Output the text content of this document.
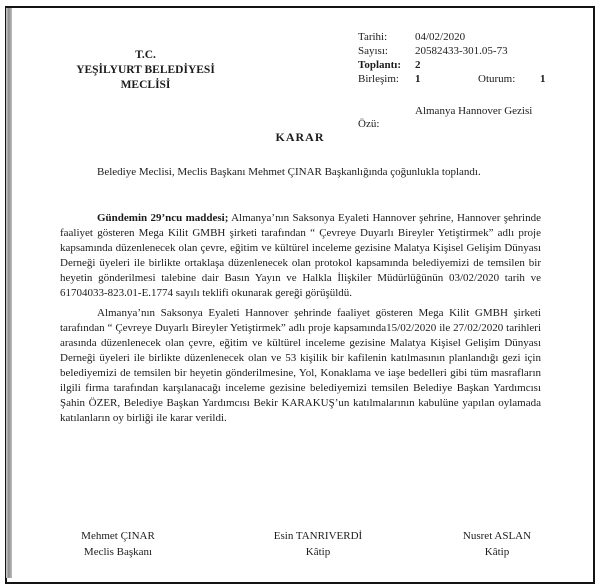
T.C.
YEŞİLYURT BELEDİYESİ
MECLİSİ
Tarihi:	04/02/2020
Sayısı:	20582433-301.05-73
Toplantı:	2
Birleşim:	1	Oturum:	1
Almanya Hannover Gezisi
Özü:
KARAR

Belediye Meclisi, Meclis Başkanı Mehmet ÇINAR Başkanlığında çoğunlukla toplandı.

Gündemin 29’ncu maddesi; Almanya’nın Saksonya Eyaleti Hannover şehrine, Hannover şehrinde faaliyet gösteren Mega Kilit GMBH şirketi tarafından “ Çevreye Duyarlı Bireyler Yetiştirmek” adlı proje kapsamında düzenlenecek olan çevre, eğitim ve kültürel inceleme gezisine Malatya Kişisel Gelişim Dünyası Derneği üyeleri ile birlikte ortaklaşa düzenlenecek olan protokol kapsamında belediyemizi de temsilen bir heyetin gönderilmesi talebine dair Basın Yayın ve Halkla İlişkiler Müdürlüğünün 03/02/2020 tarih ve 61704033-823.01-E.1774 sayılı teklifi okunarak gereği görüşüldü.

Almanya’nın Saksonya Eyaleti Hannover şehrinde faaliyet gösteren Mega Kilit GMBH şirketi tarafından “ Çevreye Duyarlı Bireyler Yetiştirmek” adlı proje kapsamında15/02/2020 ile 27/02/2020 tarihleri arasında düzenlenecek olan çevre, eğitim ve kültürel inceleme gezisine Malatya Kişisel Gelişim Dünyası Derneği üyeleri ile birlikte düzenlenecek olan ve 53 kişilik bir kafilenin katılmasının planlandığı gezi için belediyemizi de temsilen bir heyetin gönderilmesine, Yol, Konaklama ve iaşe bedelleri gibi tüm masrafların ilgili firma tarafından karşılanacağı inceleme gezisine belediyemizi temsilen Belediye Başkan Yardımcısı Şahin ÖZER, Belediye Başkan Yardımcısı Bekir KARAKUŞ’un katılmalarının kabulüne yapılan oylamada katılanların oy birliği ile karar verildi.

Mehmet ÇINAR
Meclis Başkanı
Esin TANRIVERDİ
Kâtip
Nusret ASLAN
Kâtip
